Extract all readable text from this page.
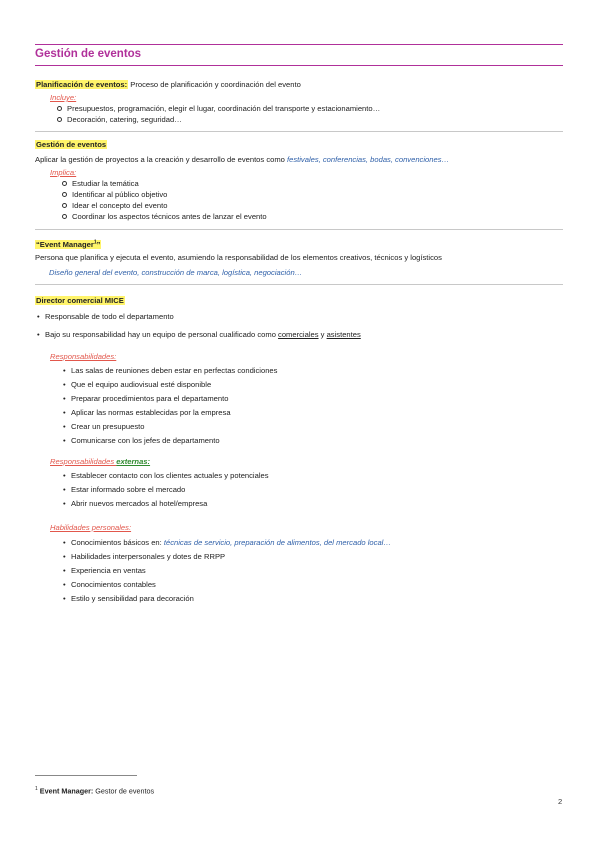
Gestión de eventos
Planificación de eventos: Proceso de planificación y coordinación del evento
Incluye:
Presupuestos, programación, elegir el lugar, coordinación del transporte y estacionamiento…
Decoración, catering, seguridad…
Gestión de eventos
Aplicar la gestión de proyectos a la creación y desarrollo de eventos como festivales, conferencias, bodas, convenciones…
Implica:
Estudiar la temática
Identificar al público objetivo
Idear el concepto del evento
Coordinar los aspectos técnicos antes de lanzar el evento
“Event Manager$^1$”
Persona que planifica y ejecuta el evento, asumiendo la responsabilidad de los elementos creativos, técnicos y logísticos
Diseño general del evento, construcción de marca, logística, negociación…
Director comercial MICE
• Responsable de todo el departamento
• Bajo su responsabilidad hay un equipo de personal cualificado como comerciales y asistentes
Responsabilidades:
• Las salas de reuniones deben estar en perfectas condiciones
• Que el equipo audiovisual esté disponible
• Preparar procedimientos para el departamento
• Aplicar las normas establecidas por la empresa
• Crear un presupuesto
• Comunicarse con los jefes de departamento
Responsabilidades externas:
• Establecer contacto con los clientes actuales y potenciales
• Estar informado sobre el mercado
• Abrir nuevos mercados al hotel/empresa
Habilidades personales:
• Conocimientos básicos en: técnicas de servicio, preparación de alimentos, del mercado local…
• Habilidades interpersonales y dotes de RRPP
• Experiencia en ventas
• Conocimientos contables
• Estilo y sensibilidad para decoración
$^1$ Event Manager: Gestor de eventos
2
